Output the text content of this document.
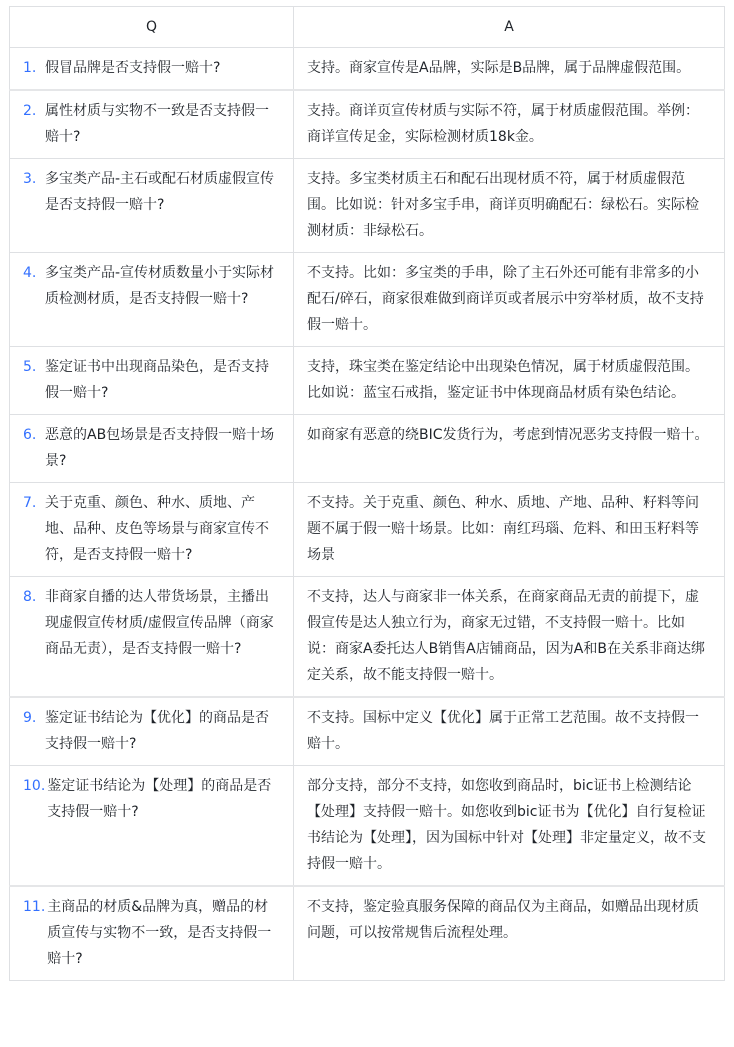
Q	A

1. 假冒品牌是否支持假一赔十?	支持。商家宣传是A品牌，实际是B品牌，属于品牌虚假范围。

2. 属性材质与实物不一致是否支持假一赔十?	支持。商详页宣传材质与实际不符，属于材质虚假范围。举例：商详宣传足金，实际检测材质18k金。

3. 多宝类产品-主石或配石材质虚假宣传是否支持假一赔十?	支持。多宝类材质主石和配石出现材质不符，属于材质虚假范围。比如说：针对多宝手串，商详页明确配石：绿松石。实际检测材质：非绿松石。

4. 多宝类产品-宣传材质数量小于实际材质检测材质，是否支持假一赔十?	不支持。比如：多宝类的手串，除了主石外还可能有非常多的小配石/碎石，商家很难做到商详页或者展示中穷举材质，故不支持假一赔十。

5. 鉴定证书中出现商品染色，是否支持假一赔十?	支持，珠宝类在鉴定结论中出现染色情况，属于材质虚假范围。比如说：蓝宝石戒指，鉴定证书中体现商品材质有染色结论。

6. 恶意的AB包场景是否支持假一赔十场景?	如商家有恶意的绕BIC发货行为，考虑到情况恶劣支持假一赔十。

7. 关于克重、颜色、种水、质地、产地、品种、皮色等场景与商家宣传不符，是否支持假一赔十?	不支持。关于克重、颜色、种水、质地、产地、品种、籽料等问题不属于假一赔十场景。比如：南红玛瑙、危料、和田玉籽料等场景

8. 非商家自播的达人带货场景，主播出现虚假宣传材质/虚假宣传品牌（商家商品无责），是否支持假一赔十?	不支持，达人与商家非一体关系，在商家商品无责的前提下，虚假宣传是达人独立行为，商家无过错，不支持假一赔十。比如说：商家A委托达人B销售A店铺商品，因为A和B在关系非商达绑定关系，故不能支持假一赔十。

9. 鉴定证书结论为【优化】的商品是否支持假一赔十?	不支持。国标中定义【优化】属于正常工艺范围。故不支持假一赔十。

10. 鉴定证书结论为【处理】的商品是否支持假一赔十?	部分支持，部分不支持，如您收到商品时，bic证书上检测结论【处理】支持假一赔十。如您收到bic证书为【优化】自行复检证书结论为【处理】，因为国标中针对【处理】非定量定义，故不支持假一赔十。

11. 主商品的材质&品牌为真，赠品的材质宣传与实物不一致，是否支持假一赔十?	不支持，鉴定验真服务保障的商品仅为主商品，如赠品出现材质问题，可以按常规售后流程处理。
